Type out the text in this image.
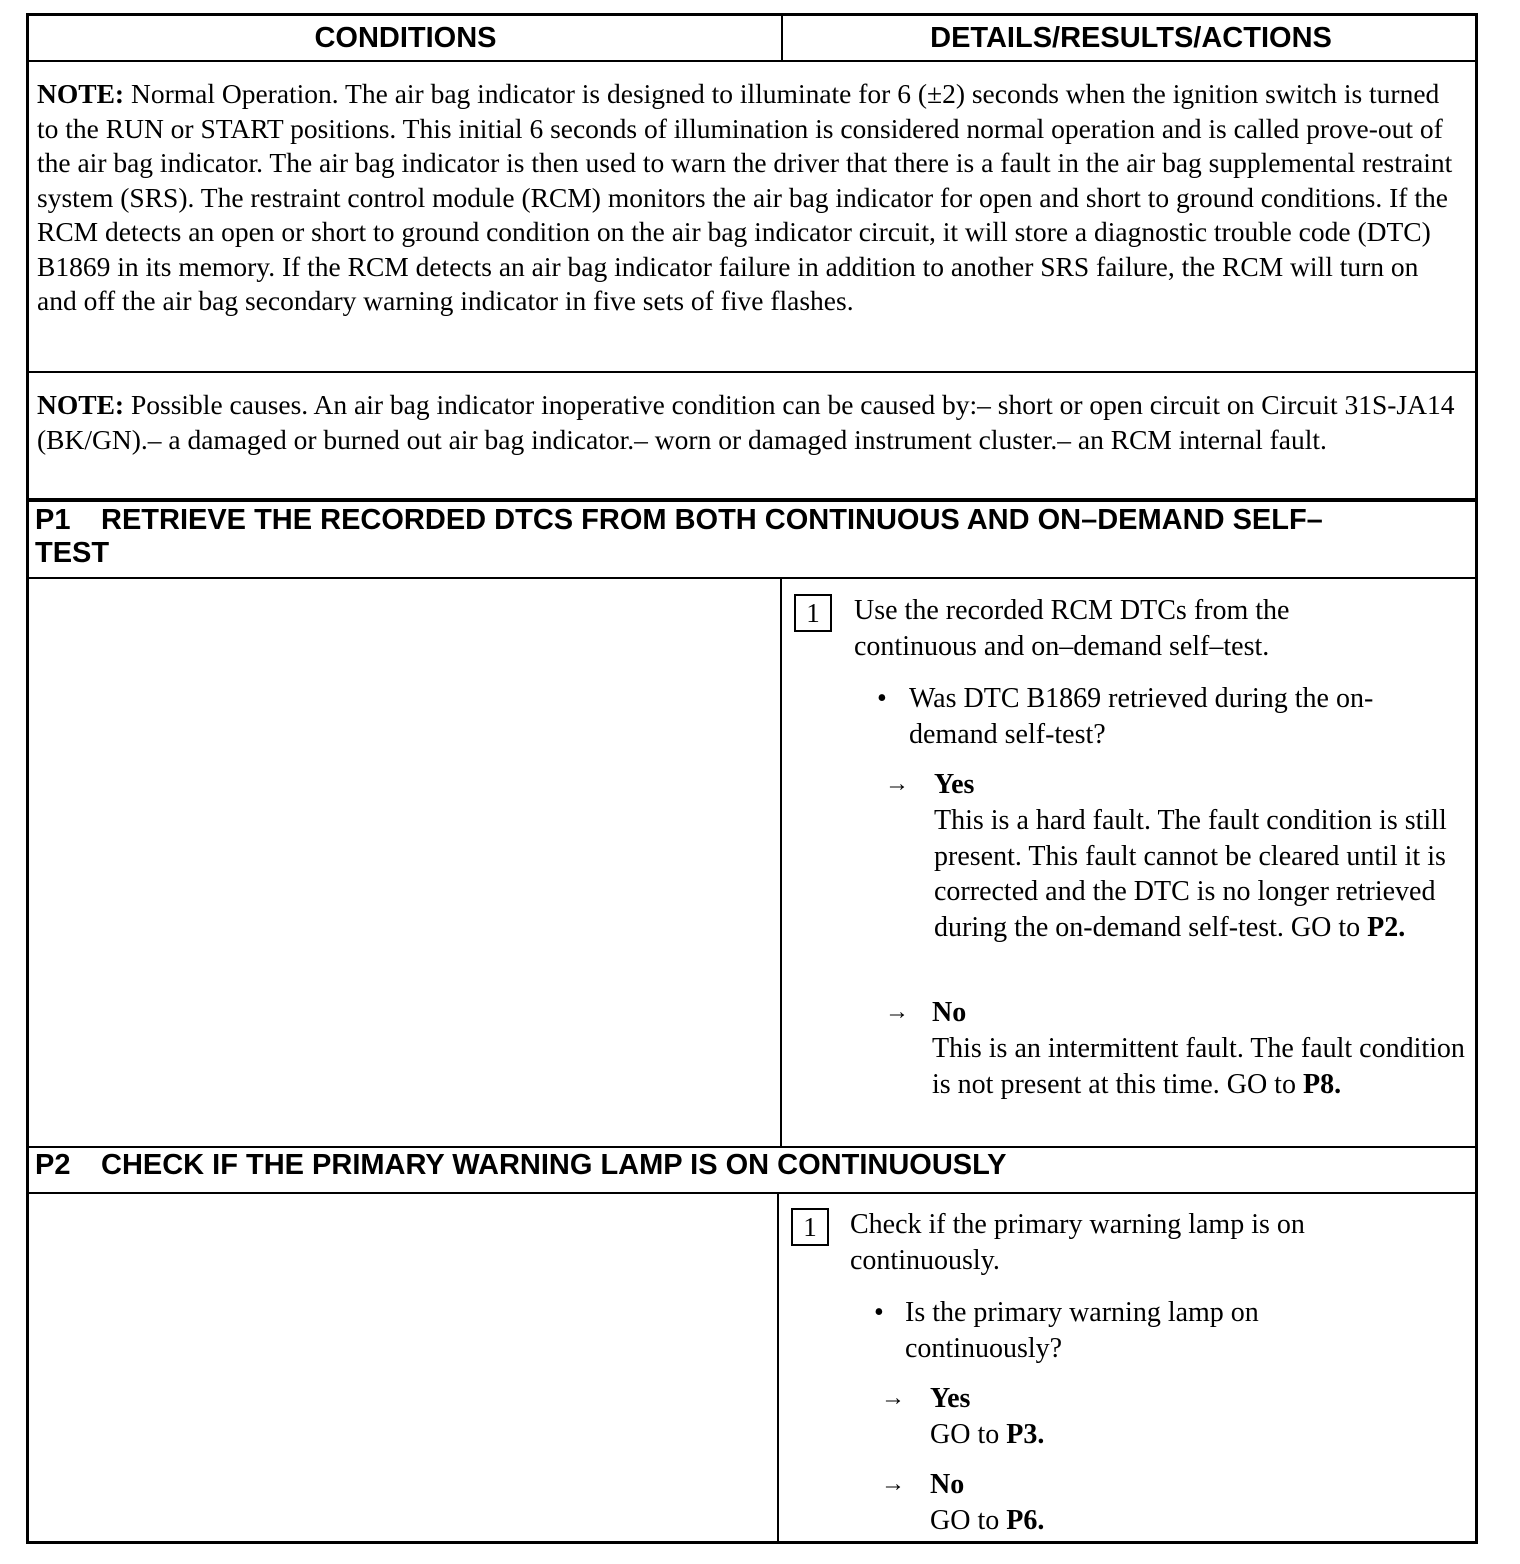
CONDITIONS	DETAILS/RESULTS/ACTIONS
NOTE: Normal Operation. The air bag indicator is designed to illuminate for 6 (±2) seconds when the ignition switch is turned to the RUN or START positions. This initial 6 seconds of illumination is considered normal operation and is called prove-out of the air bag indicator. The air bag indicator is then used to warn the driver that there is a fault in the air bag supplemental restraint system (SRS). The restraint control module (RCM) monitors the air bag indicator for open and short to ground conditions. If the RCM detects an open or short to ground condition on the air bag indicator circuit, it will store a diagnostic trouble code (DTC) B1869 in its memory. If the RCM detects an air bag indicator failure in addition to another SRS failure, the RCM will turn on and off the air bag secondary warning indicator in five sets of five flashes.
NOTE: Possible causes. An air bag indicator inoperative condition can be caused by:– short or open circuit on Circuit 31S-JA14 (BK/GN).– a damaged or burned out air bag indicator.– worn or damaged instrument cluster.– an RCM internal fault.
P1 RETRIEVE THE RECORDED DTCS FROM BOTH CONTINUOUS AND ON–DEMAND SELF–TEST
1	Use the recorded RCM DTCs from the continuous and on–demand self–test.
• Was DTC B1869 retrieved during the on-demand self-test?
→ Yes
This is a hard fault. The fault condition is still present. This fault cannot be cleared until it is corrected and the DTC is no longer retrieved during the on-demand self-test. GO to P2.
→ No
This is an intermittent fault. The fault condition is not present at this time. GO to P8.
P2 CHECK IF THE PRIMARY WARNING LAMP IS ON CONTINUOUSLY
1	Check if the primary warning lamp is on continuously.
• Is the primary warning lamp on continuously?
→ Yes
GO to P3.
→ No
GO to P6.
